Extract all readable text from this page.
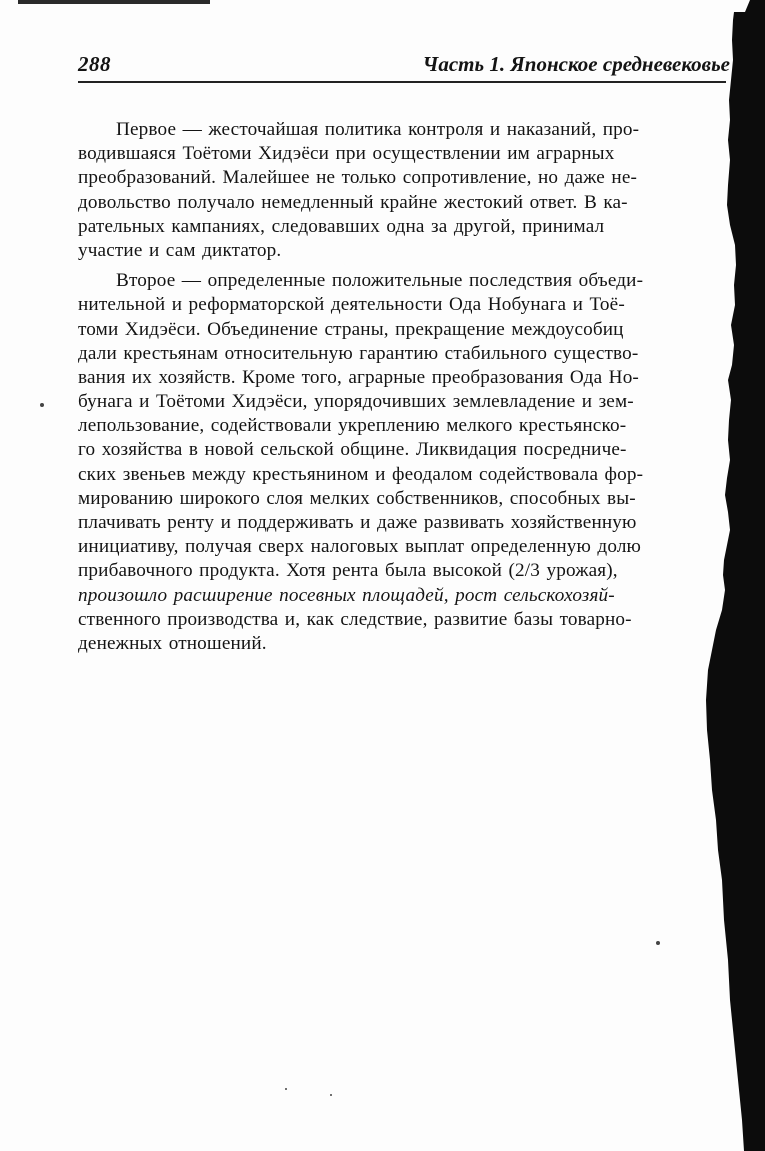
288	Часть 1. Японское средневековье
Первое — жесточайшая политика контроля и наказаний, про-
водившаяся Тоётоми Хидэёси при осуществлении им аграрных
преобразований. Малейшее не только сопротивление, но даже не-
довольство получало немедленный крайне жестокий ответ. В ка-
рательных кампаниях, следовавших одна за другой, принимал
участие и сам диктатор.
Второе — определенные положительные последствия объеди-
нительной и реформаторской деятельности Ода Нобунага и Тоё-
томи Хидэёси. Объединение страны, прекращение междоусобиц
дали крестьянам относительную гарантию стабильного существо-
вания их хозяйств. Кроме того, аграрные преобразования Ода Но-
бунага и Тоётоми Хидэёси, упорядочивших землевладение и зем-
лепользование, содействовали укреплению мелкого крестьянско-
го хозяйства в новой сельской общине. Ликвидация посредниче-
ских звеньев между крестьянином и феодалом содействовала фор-
мированию широкого слоя мелких собственников, способных вы-
плачивать ренту и поддерживать и даже развивать хозяйственную
инициативу, получая сверх налоговых выплат определенную долю
прибавочного продукта. Хотя рента была высокой (2/3 урожая),
произошло расширение посевных площадей, рост сельскохозяй-
ственного производства и, как следствие, развитие базы товарно-
денежных отношений.
